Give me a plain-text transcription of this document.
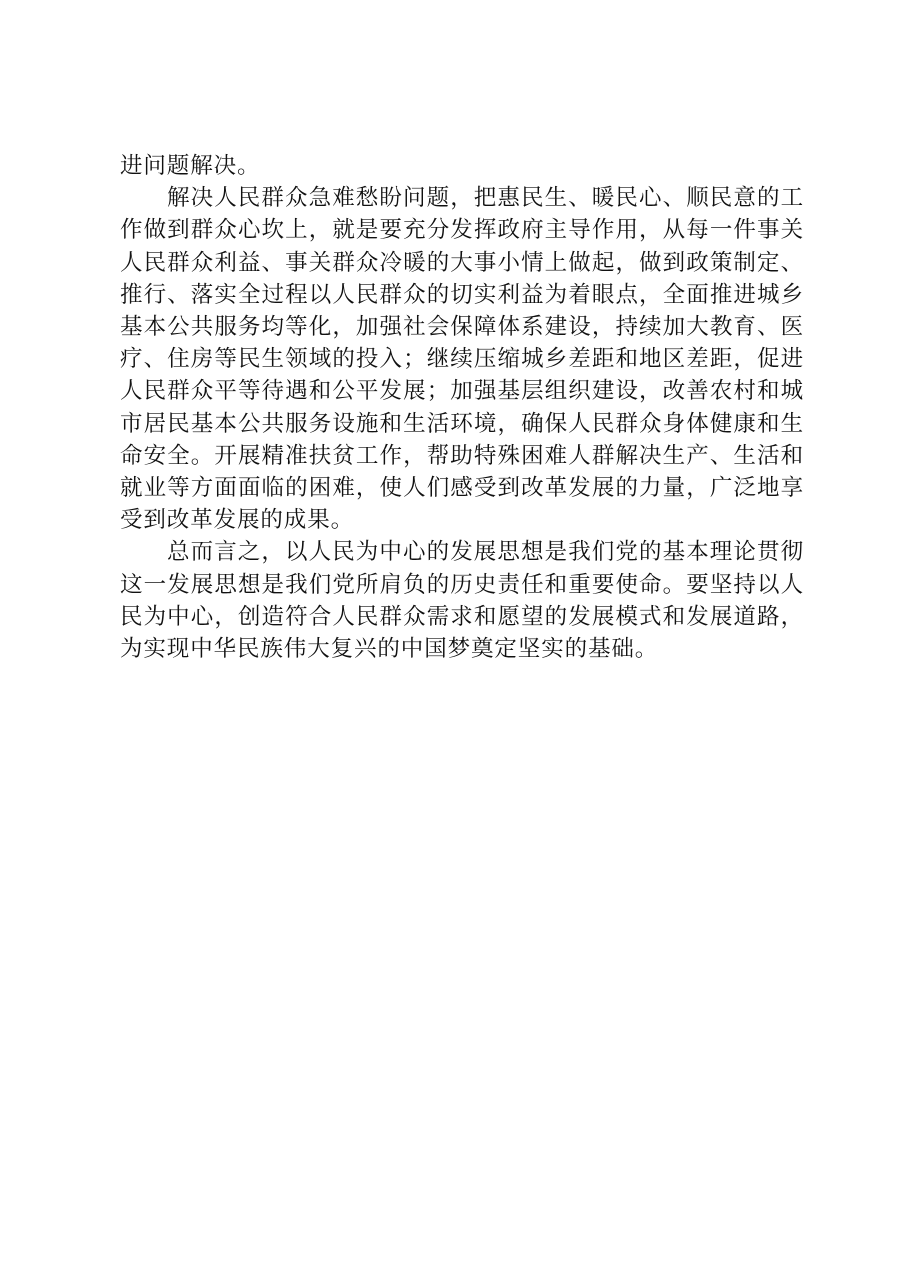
进问题解决。

解决人民群众急难愁盼问题，把惠民生、暖民心、顺民意的工作做到群众心坎上，就是要充分发挥政府主导作用，从每一件事关人民群众利益、事关群众冷暖的大事小情上做起，做到政策制定、推行、落实全过程以人民群众的切实利益为着眼点，全面推进城乡基本公共服务均等化，加强社会保障体系建设，持续加大教育、医疗、住房等民生领域的投入；继续压缩城乡差距和地区差距，促进人民群众平等待遇和公平发展；加强基层组织建设，改善农村和城市居民基本公共服务设施和生活环境，确保人民群众身体健康和生命安全。开展精准扶贫工作，帮助特殊困难人群解决生产、生活和就业等方面面临的困难，使人们感受到改革发展的力量，广泛地享受到改革发展的成果。

总而言之，以人民为中心的发展思想是我们党的基本理论贯彻这一发展思想是我们党所肩负的历史责任和重要使命。要坚持以人民为中心，创造符合人民群众需求和愿望的发展模式和发展道路，为实现中华民族伟大复兴的中国梦奠定坚实的基础。
